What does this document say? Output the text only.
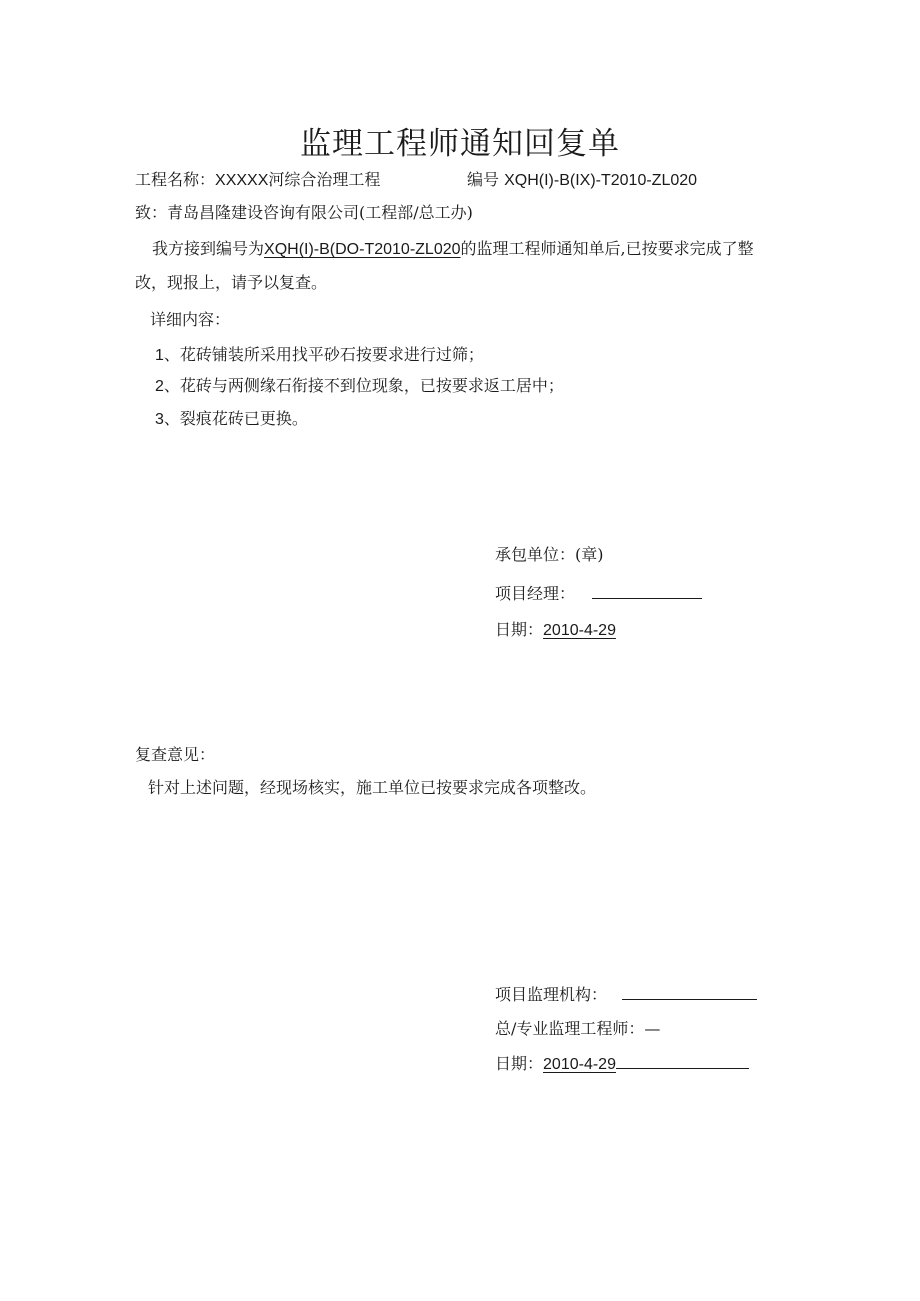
监理工程师通知回复单
工程名称：XXXXX河综合治理工程	编号 XQH(I)-B(IX)-T2010-ZL020
致：青岛昌隆建设咨询有限公司(工程部/总工办)
我方接到编号为XQH(I)-B(DO-T2010-ZL020的监理工程师通知单后,已按要求完成了整
改，现报上，请予以复查。
详细内容：
1、花砖铺装所采用找平砂石按要求进行过筛；
2、花砖与两侧缘石衔接不到位现象，已按要求返工居中；
3、裂痕花砖已更换。
承包单位：(章)
项目经理：
日期：2010-4-29
复查意见：
针对上述问题，经现场核实，施工单位已按要求完成各项整改。
项目监理机构：
总/专业监理工程师：—
日期：2010-4-29
